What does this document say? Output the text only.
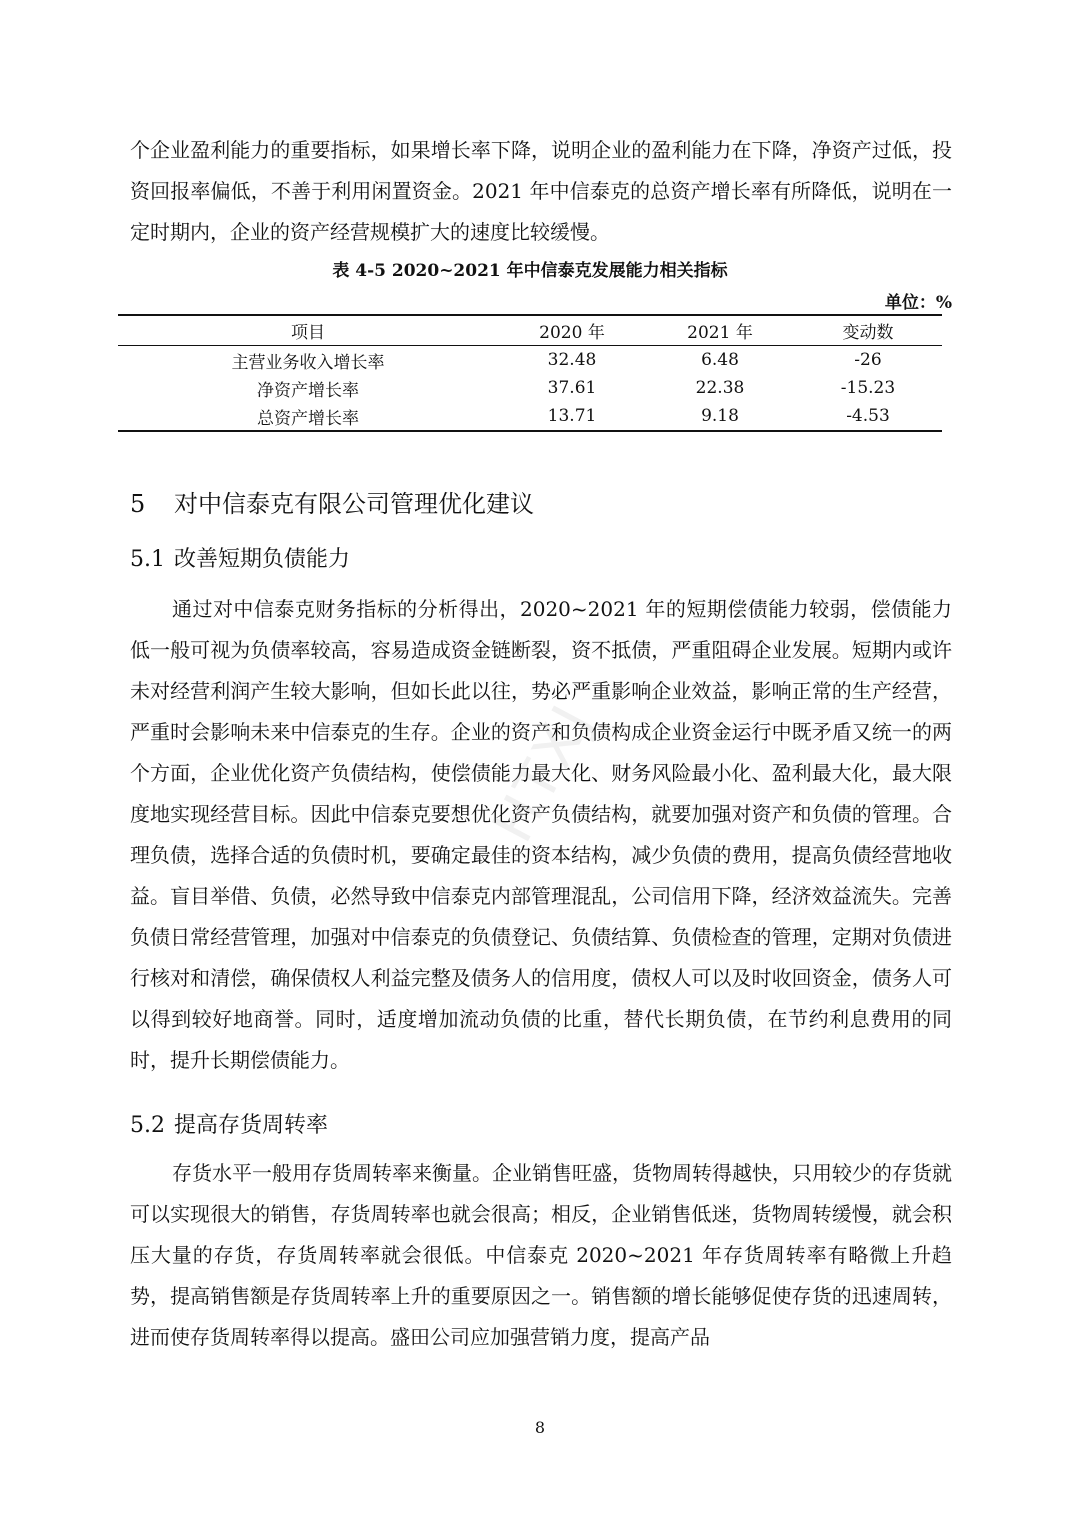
个企业盈利能力的重要指标，如果增长率下降，说明企业的盈利能力在下降，净资产过低，投资回报率偏低，不善于利用闲置资金。2021 年中信泰克的总资产增长率有所降低，说明在一定时期内，企业的资产经营规模扩大的速度比较缓慢。

表 4-5 2020~2021 年中信泰克发展能力相关指标
单位：%
项目	2020 年	2021 年	变动数
主营业务收入增长率	32.48	6.48	-26
净资产增长率	37.61	22.38	-15.23
总资产增长率	13.71	9.18	-4.53
5 对中信泰克有限公司管理优化建议
5.1 改善短期负债能力

通过对中信泰克财务指标的分析得出，2020~2021 年的短期偿债能力较弱，偿债能力低一般可视为负债率较高，容易造成资金链断裂，资不抵债，严重阻碍企业发展。短期内或许未对经营利润产生较大影响，但如长此以往，势必严重影响企业效益，影响正常的生产经营，严重时会影响未来中信泰克的生存。企业的资产和负债构成企业资金运行中既矛盾又统一的两个方面，企业优化资产负债结构，使偿债能力最大化、财务风险最小化、盈利最大化，最大限度地实现经营目标。因此中信泰克要想优化资产负债结构，就要加强对资产和负债的管理。合理负债，选择合适的负债时机，要确定最佳的资本结构，减少负债的费用，提高负债经营地收益。盲目举借、负债，必然导致中信泰克内部管理混乱，公司信用下降，经济效益流失。完善负债日常经营管理，加强对中信泰克的负债登记、负债结算、负债检查的管理，定期对负债进行核对和清偿，确保债权人利益完整及债务人的信用度，债权人可以及时收回资金，债务人可以得到较好地商誉。同时，适度增加流动负债的比重，替代长期负债，在节约利息费用的同时，提升长期偿债能力。

5.2 提高存货周转率

存货水平一般用存货周转率来衡量。企业销售旺盛，货物周转得越快，只用较少的存货就可以实现很大的销售，存货周转率也就会很高；相反，企业销售低迷，货物周转缓慢，就会积压大量的存货，存货周转率就会很低。中信泰克 2020~2021 年存货周转率有略微上升趋势，提高销售额是存货周转率上升的重要原因之一。销售额的增长能够促使存货的迅速周转，进而使存货周转率得以提高。盛田公司应加强营销力度，提高产品

HTXJ
8
